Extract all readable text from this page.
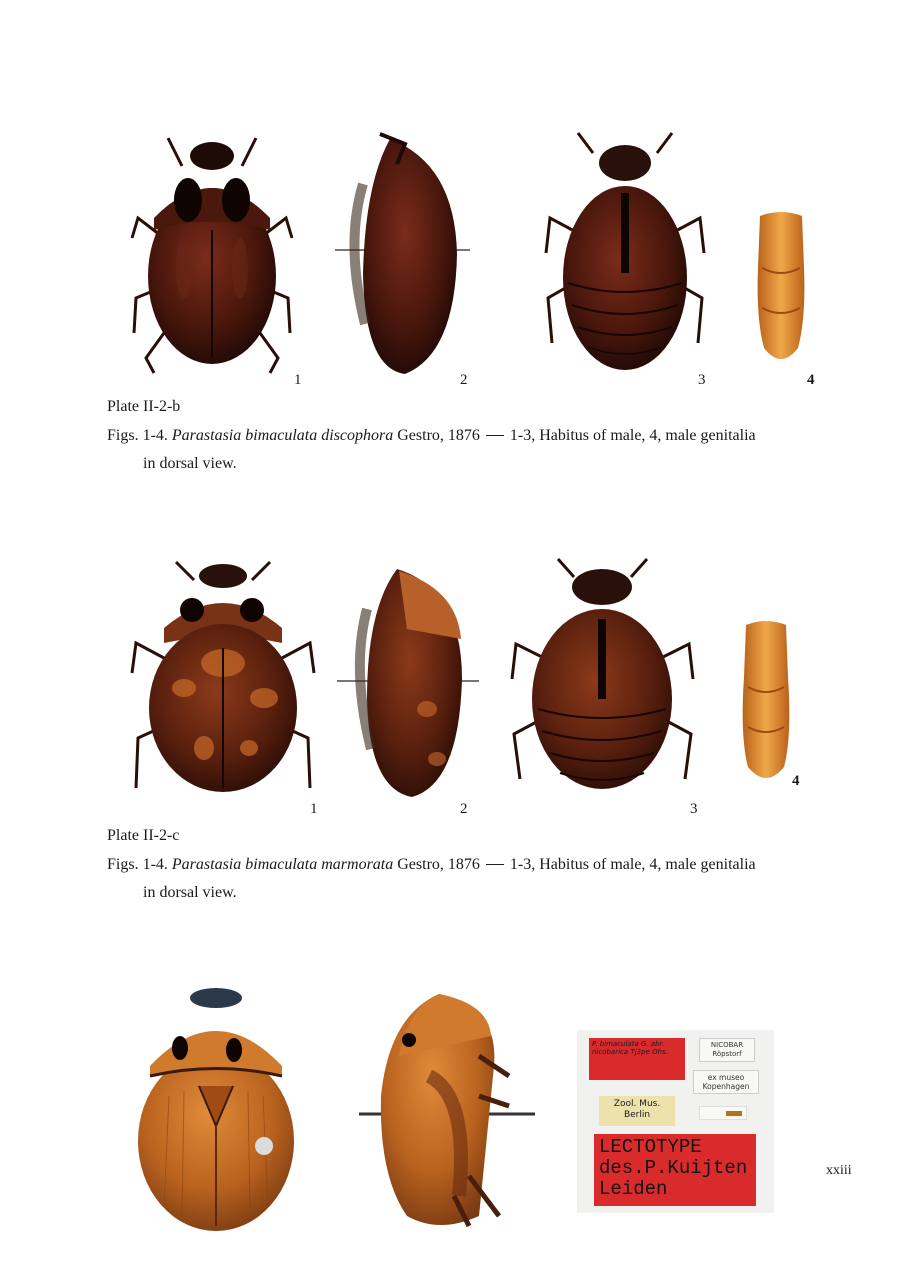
1	2	3	4
Plate II-2-b
Figs. 1-4. Parastasia bimaculata discophora Gestro, 1876 1-3, Habitus of male, 4, male genitalia
in dorsal view.
1	2	3
4
Plate II-2-c
Figs. 1-4. Parastasia bimaculata marmorata Gestro, 1876 1-3, Habitus of male, 4, male genitalia
in dorsal view.
P. bimaculata G. abr. nicobarica Tj3pe Ohs.
NICOBAR
Röpstorf
ex museo
Kopenhagen
Zool. Mus.
Berlin
LECTOTYPE
des.P.Kuijten
Leiden
xxiii
